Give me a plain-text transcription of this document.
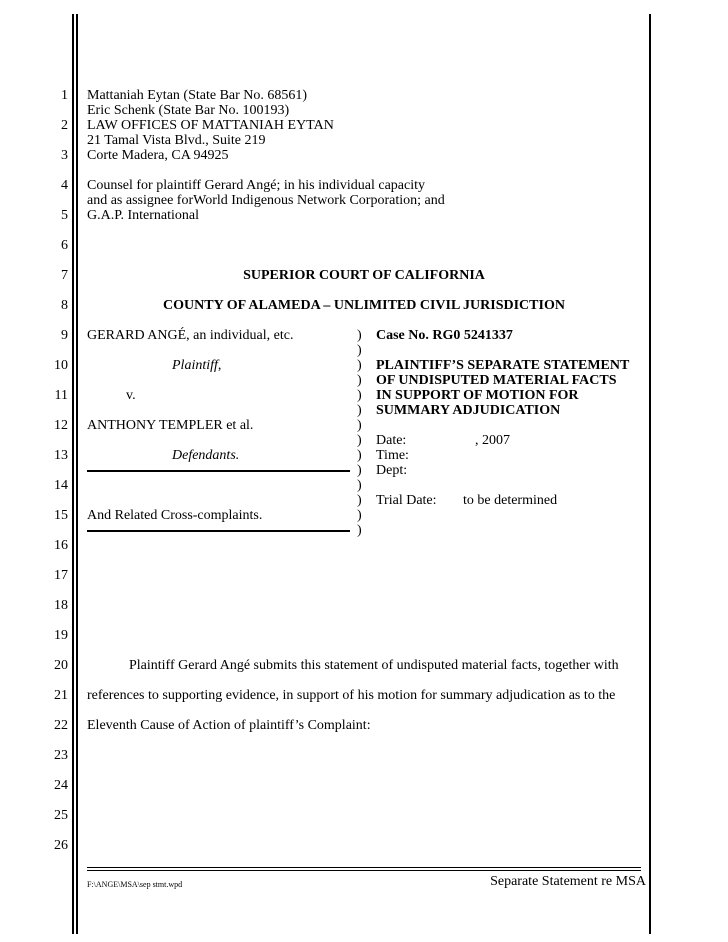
1
2
3
4
5
6
7
8
9
10
11
12
13
14
15
16
17
18
19
20
21
22
23
24
25
26
Mattaniah Eytan (State Bar No. 68561)
Eric Schenk (State Bar No. 100193)
LAW OFFICES OF MATTANIAH EYTAN
21 Tamal Vista Blvd., Suite 219
Corte Madera, CA 94925
Counsel for plaintiff Gerard Angé; in his individual capacity
and as assignee forWorld Indigenous Network Corporation; and
G.A.P. International
SUPERIOR COURT OF CALIFORNIA
COUNTY OF ALAMEDA – UNLIMITED CIVIL JURISDICTION
GERARD ANGÉ, an individual, etc.
Plaintiff,
v.
ANTHONY TEMPLER et al.
Defendants.
And Related Cross-complaints.
)
)
)
)
)
)
)
)
)
)
)
)
)
)
Case No. RG0 5241337
PLAINTIFF’S SEPARATE STATEMENT
OF UNDISPUTED MATERIAL FACTS
IN SUPPORT OF MOTION FOR
SUMMARY ADJUDICATION
Date:	, 2007
Time:
Dept:
Trial Date: to be determined
Plaintiff Gerard Angé submits this statement of undisputed material facts, together with
references to supporting evidence, in support of his motion for summary adjudication as to the
Eleventh Cause of Action of plaintiff’s Complaint:
F:\ANGE\MSA\sep stmt.wpd	Separate Statement re MSA
